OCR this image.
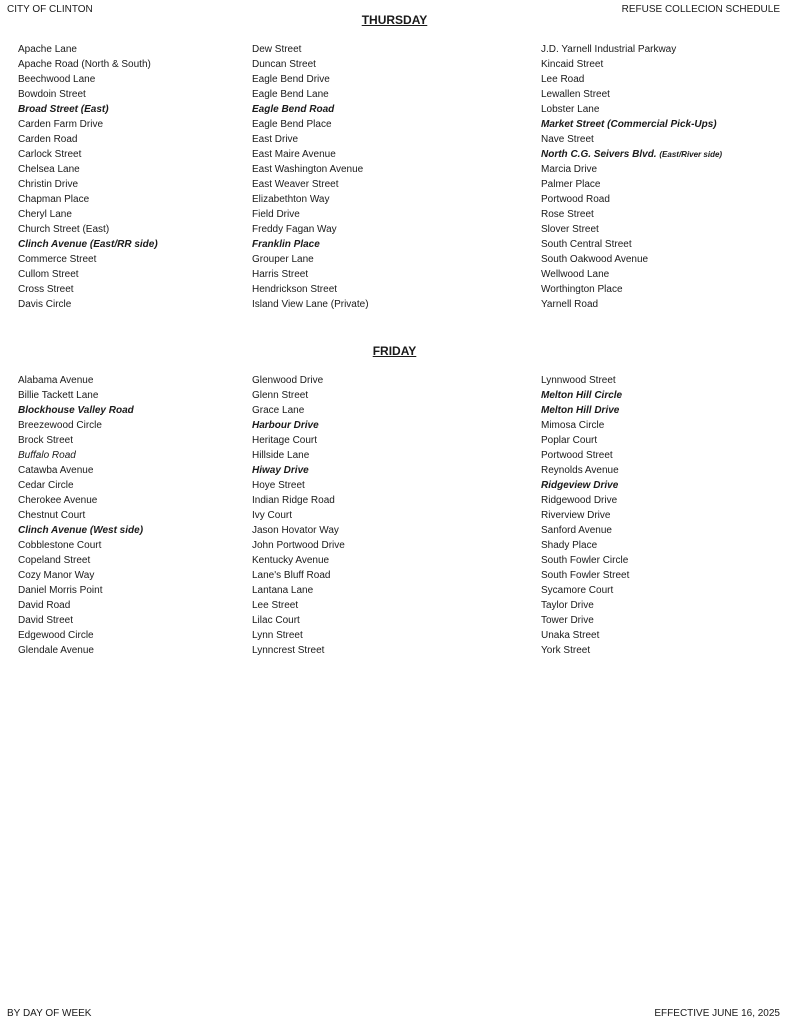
CITY OF CLINTON	REFUSE COLLECION SCHEDULE
THURSDAY
Apache Lane
Apache Road (North & South)
Beechwood Lane
Bowdoin Street
Broad Street (East)
Carden Farm Drive
Carden Road
Carlock Street
Chelsea Lane
Christin Drive
Chapman Place
Cheryl Lane
Church Street (East)
Clinch Avenue (East/RR side)
Commerce Street
Cullom Street
Cross Street
Davis Circle
Dew Street
Duncan Street
Eagle Bend Drive
Eagle Bend Lane
Eagle Bend Road
Eagle Bend Place
East Drive
East Maire Avenue
East Washington Avenue
East Weaver Street
Elizabethton Way
Field Drive
Freddy Fagan Way
Franklin Place
Grouper Lane
Harris Street
Hendrickson Street
Island View Lane (Private)
J.D. Yarnell Industrial Parkway
Kincaid Street
Lee Road
Lewallen Street
Lobster Lane
Market Street (Commercial Pick-Ups)
Nave Street
North C.G. Seivers Blvd. (East/River side)
Marcia Drive
Palmer Place
Portwood Road
Rose Street
Slover Street
South Central Street
South Oakwood Avenue
Wellwood Lane
Worthington Place
Yarnell Road
FRIDAY
Alabama Avenue
Billie Tackett Lane
Blockhouse Valley Road
Breezewood Circle
Brock Street
Buffalo Road
Catawba Avenue
Cedar Circle
Cherokee Avenue
Chestnut Court
Clinch Avenue (West side)
Cobblestone Court
Copeland Street
Cozy Manor Way
Daniel Morris Point
David Road
David Street
Edgewood Circle
Glendale Avenue
Glenwood Drive
Glenn Street
Grace Lane
Harbour Drive
Heritage Court
Hillside Lane
Hiway Drive
Hoye Street
Indian Ridge Road
Ivy Court
Jason Hovator Way
John Portwood Drive
Kentucky Avenue
Lane's Bluff Road
Lantana Lane
Lee Street
Lilac Court
Lynn Street
Lynncrest Street
Lynnwood Street
Melton Hill Circle
Melton Hill Drive
Mimosa Circle
Poplar Court
Portwood Street
Reynolds Avenue
Ridgeview Drive
Ridgewood Drive
Riverview Drive
Sanford Avenue
Shady Place
South Fowler Circle
South Fowler Street
Sycamore Court
Taylor Drive
Tower Drive
Unaka Street
York Street
BY DAY OF WEEK	EFFECTIVE JUNE 16, 2025
